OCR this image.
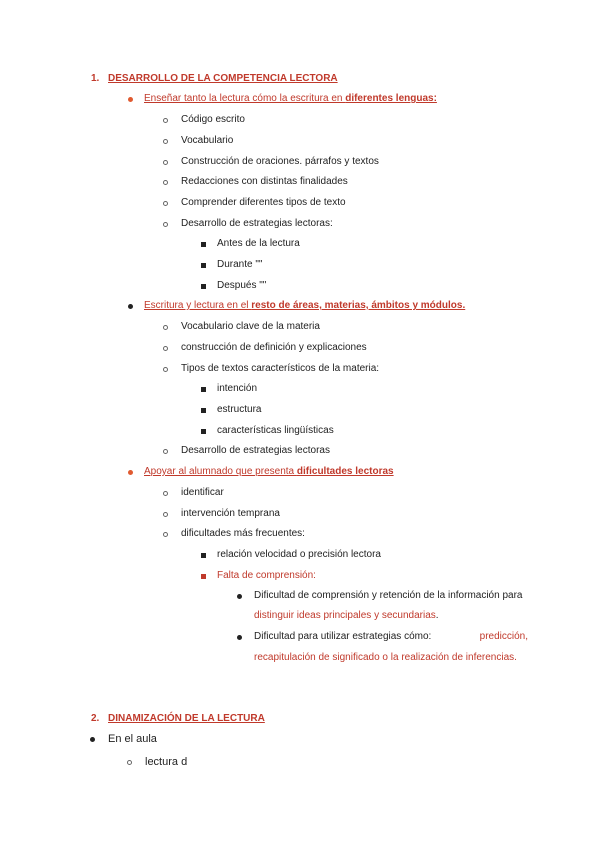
1. DESARROLLO DE LA COMPETENCIA LECTORA
Enseñar tanto la lectura cómo la escritura en diferentes lenguas:
Código escrito
Vocabulario
Construcción de oraciones. párrafos y textos
Redacciones con distintas finalidades
Comprender diferentes tipos de texto
Desarrollo de estrategias lectoras:
Antes de la lectura
Durante ""
Después ""
Escritura y lectura en el resto de áreas, materias, ámbitos y módulos.
Vocabulario clave de la materia
construcción de definición y explicaciones
Tipos de textos característicos de la materia:
intención
estructura
características lingüísticas
Desarrollo de estrategias lectoras
Apoyar al alumnado que presenta dificultades lectoras
identificar
intervención temprana
dificultades más frecuentes:
relación velocidad o precisión lectora
Falta de comprensión:
Dificultad de comprensión y retención de la información para
distinguir ideas principales y secundarias.
Dificultad para utilizar estrategias cómo:	predicción,
recapitulación de significado o la realización de inferencias.
2. DINAMIZACIÓN DE LA LECTURA
En el aula
lectura d
